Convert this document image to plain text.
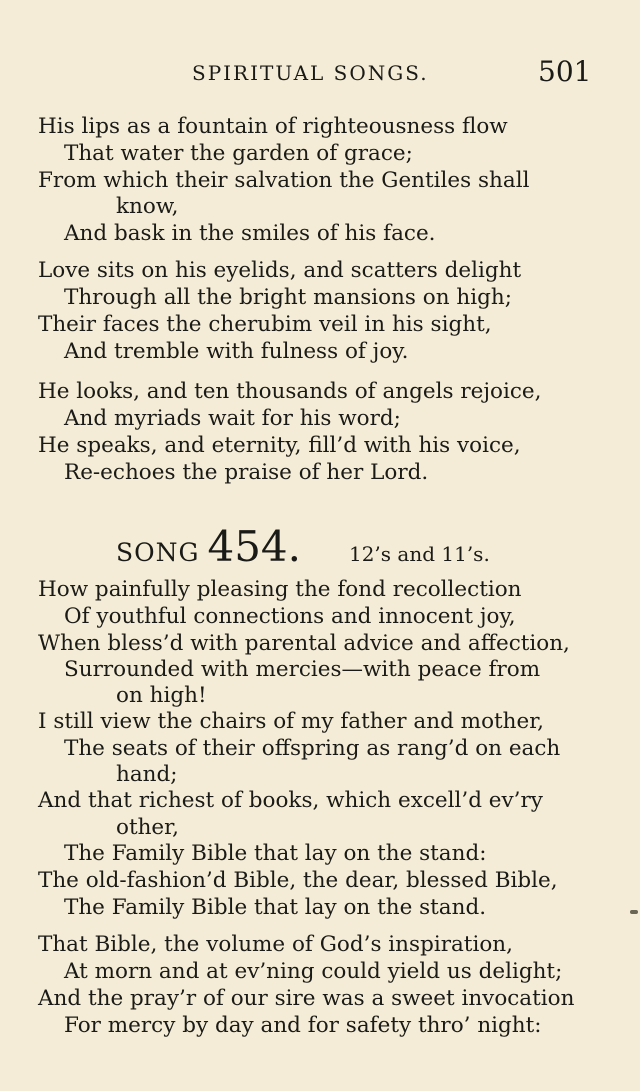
SPIRITUAL SONGS.	501
His lips as a fountain of righteousness flow
That water the garden of grace;
From which their salvation the Gentiles shall
know,
And bask in the smiles of his face.
Love sits on his eyelids, and scatters delight
Through all the bright mansions on high;
Their faces the cherubim veil in his sight,
And tremble with fulness of joy.
He looks, and ten thousands of angels rejoice,
And myriads wait for his word;
He speaks, and eternity, fill’d with his voice,
Re-echoes the praise of her Lord.
SONG 454. 12’s and 11’s.
How painfully pleasing the fond recollection
Of youthful connections and innocent joy,
When bless’d with parental advice and affection,
Surrounded with mercies—with peace from
on high!
I still view the chairs of my father and mother,
The seats of their offspring as rang’d on each
hand;
And that richest of books, which excell’d ev’ry
other,
The Family Bible that lay on the stand:
The old-fashion’d Bible, the dear, blessed Bible,
The Family Bible that lay on the stand.
That Bible, the volume of God’s inspiration,
At morn and at ev’ning could yield us delight;
And the pray’r of our sire was a sweet invocation
For mercy by day and for safety thro’ night:
